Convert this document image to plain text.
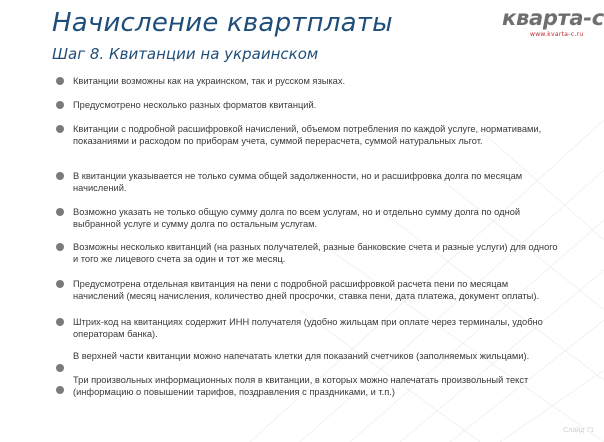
Начисление квартплаты
Шаг 8. Квитанции на украинском
кварта-с
www.kvarta-c.ru
Квитанции возможны как на украинском, так и русском языках.
Предусмотрено несколько разных форматов квитанций.
Квитанции с подробной расшифровкой начислений, объемом потребления по каждой услуге, нормативами, показаниями и расходом по приборам учета, суммой перерасчета, суммой натуральных льгот.
В квитанции указывается не только сумма общей задолженности, но и расшифровка долга по месяцам начислений.
Возможно указать не только общую сумму долга по всем услугам, но и отдельно сумму долга по одной выбранной услуге и сумму долга по остальным услугам.
Возможны несколько квитанций (на разных получателей, разные банковские счета и разные услуги) для одного и того же лицевого счета за один и тот же месяц.
Предусмотрена отдельная квитанция на пени с подробной расшифровкой расчета пени по месяцам начислений (месяц начисления, количество дней просрочки, ставка пени, дата платежа, документ оплаты).
Штрих-код на квитанциях содержит ИНН получателя (удобно жильцам при оплате через терминалы, удобно операторам банка).
В верхней части квитанции можно напечатать клетки для показаний счетчиков (заполняемых жильцами).
Три произвольных информационных поля в квитанции, в которых можно напечатать произвольный текст (информацию о повышении тарифов, поздравления с праздниками, и т.п.)
Слайд 71
